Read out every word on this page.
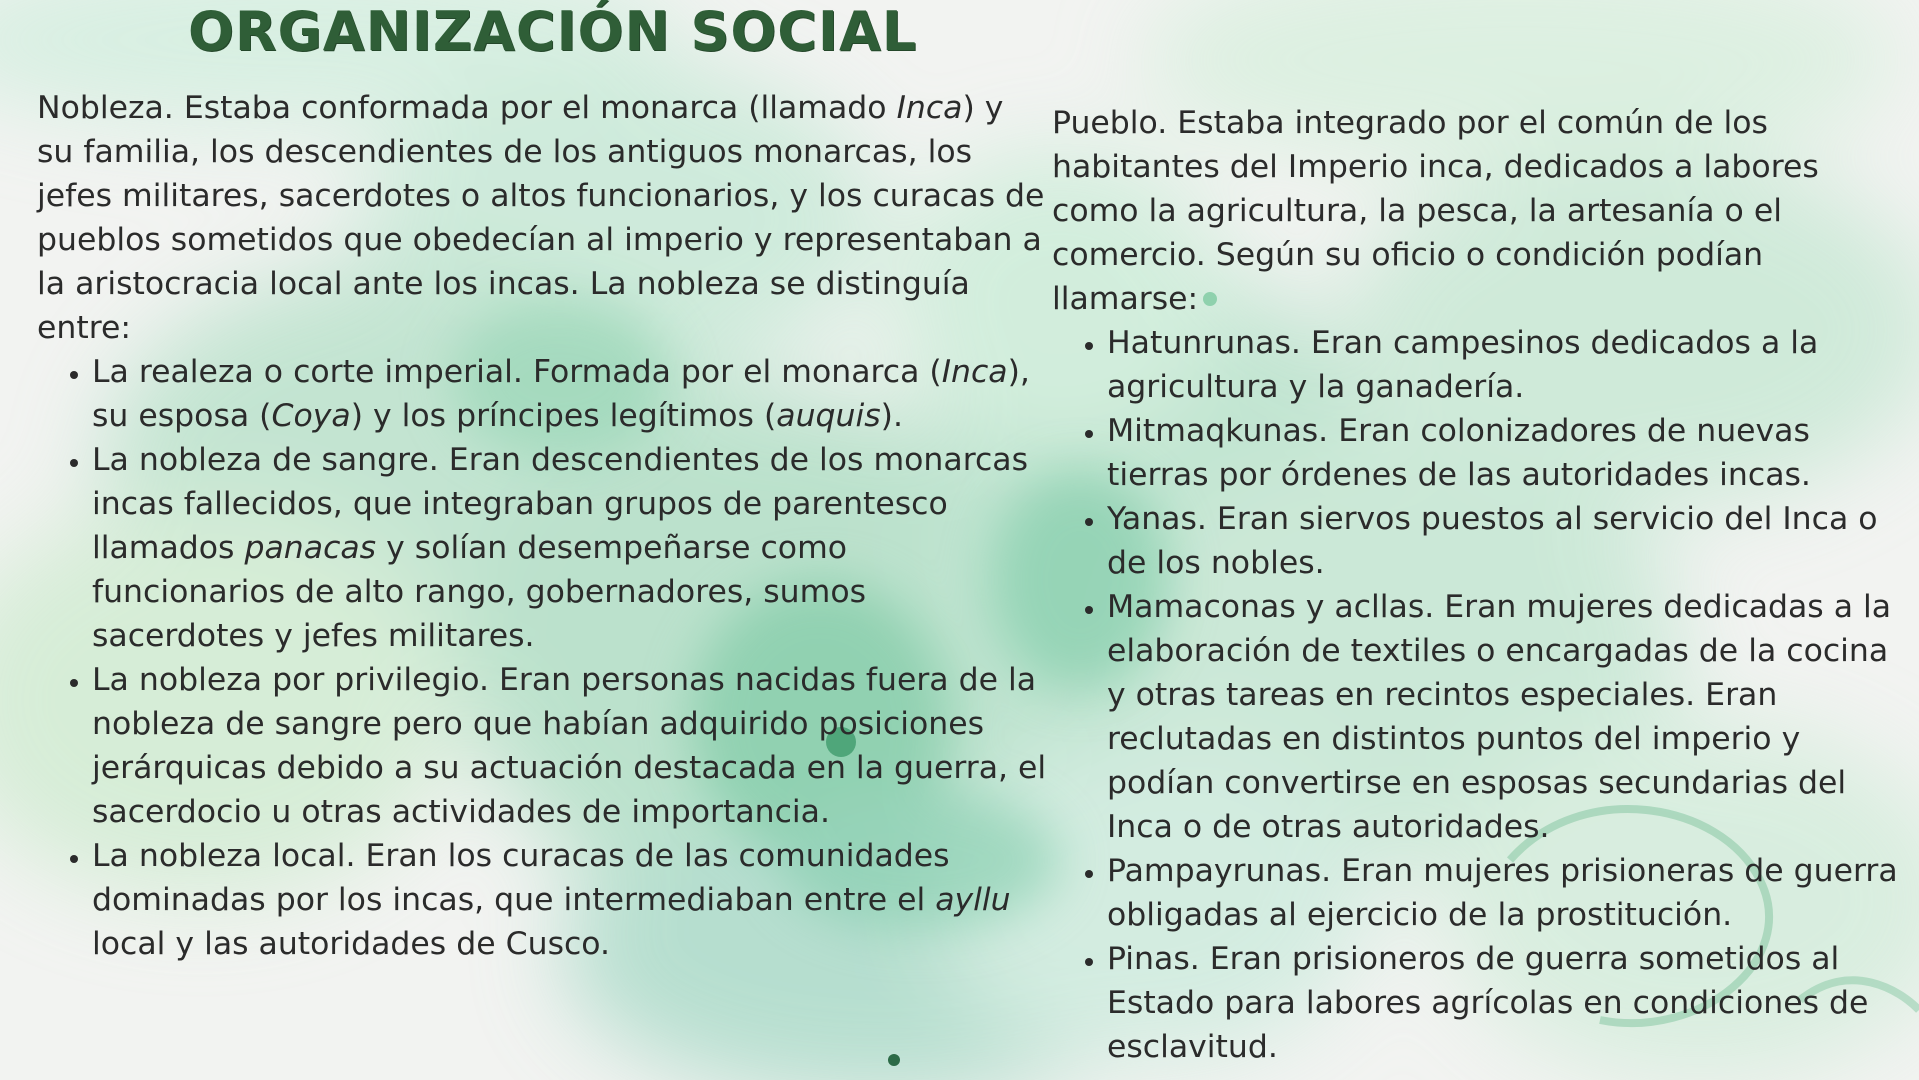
ORGANIZACIÓN SOCIAL

Nobleza. Estaba conformada por el monarca (llamado Inca) y su familia, los descendientes de los antiguos monarcas, los jefes militares, sacerdotes o altos funcionarios, y los curacas de pueblos sometidos que obedecían al imperio y representaban a la aristocracia local ante los incas. La nobleza se distinguía entre:

• La realeza o corte imperial. Formada por el monarca (Inca), su esposa (Coya) y los príncipes legítimos (auquis).
• La nobleza de sangre. Eran descendientes de los monarcas incas fallecidos, que integraban grupos de parentesco llamados panacas y solían desempeñarse como funcionarios de alto rango, gobernadores, sumos sacerdotes y jefes militares.
• La nobleza por privilegio. Eran personas nacidas fuera de la nobleza de sangre pero que habían adquirido posiciones jerárquicas debido a su actuación destacada en la guerra, el sacerdocio u otras actividades de importancia.
• La nobleza local. Eran los curacas de las comunidades dominadas por los incas, que intermediaban entre el ayllu local y las autoridades de Cusco.

Pueblo. Estaba integrado por el común de los habitantes del Imperio inca, dedicados a labores como la agricultura, la pesca, la artesanía o el comercio. Según su oficio o condición podían llamarse:

• Hatunrunas. Eran campesinos dedicados a la agricultura y la ganadería.
• Mitmaqkunas. Eran colonizadores de nuevas tierras por órdenes de las autoridades incas.
• Yanas. Eran siervos puestos al servicio del Inca o de los nobles.
• Mamaconas y acllas. Eran mujeres dedicadas a la elaboración de textiles o encargadas de la cocina y otras tareas en recintos especiales. Eran reclutadas en distintos puntos del imperio y podían convertirse en esposas secundarias del Inca o de otras autoridades.
• Pampayrunas. Eran mujeres prisioneras de guerra obligadas al ejercicio de la prostitución.
• Pinas. Eran prisioneros de guerra sometidos al Estado para labores agrícolas en condiciones de esclavitud.
